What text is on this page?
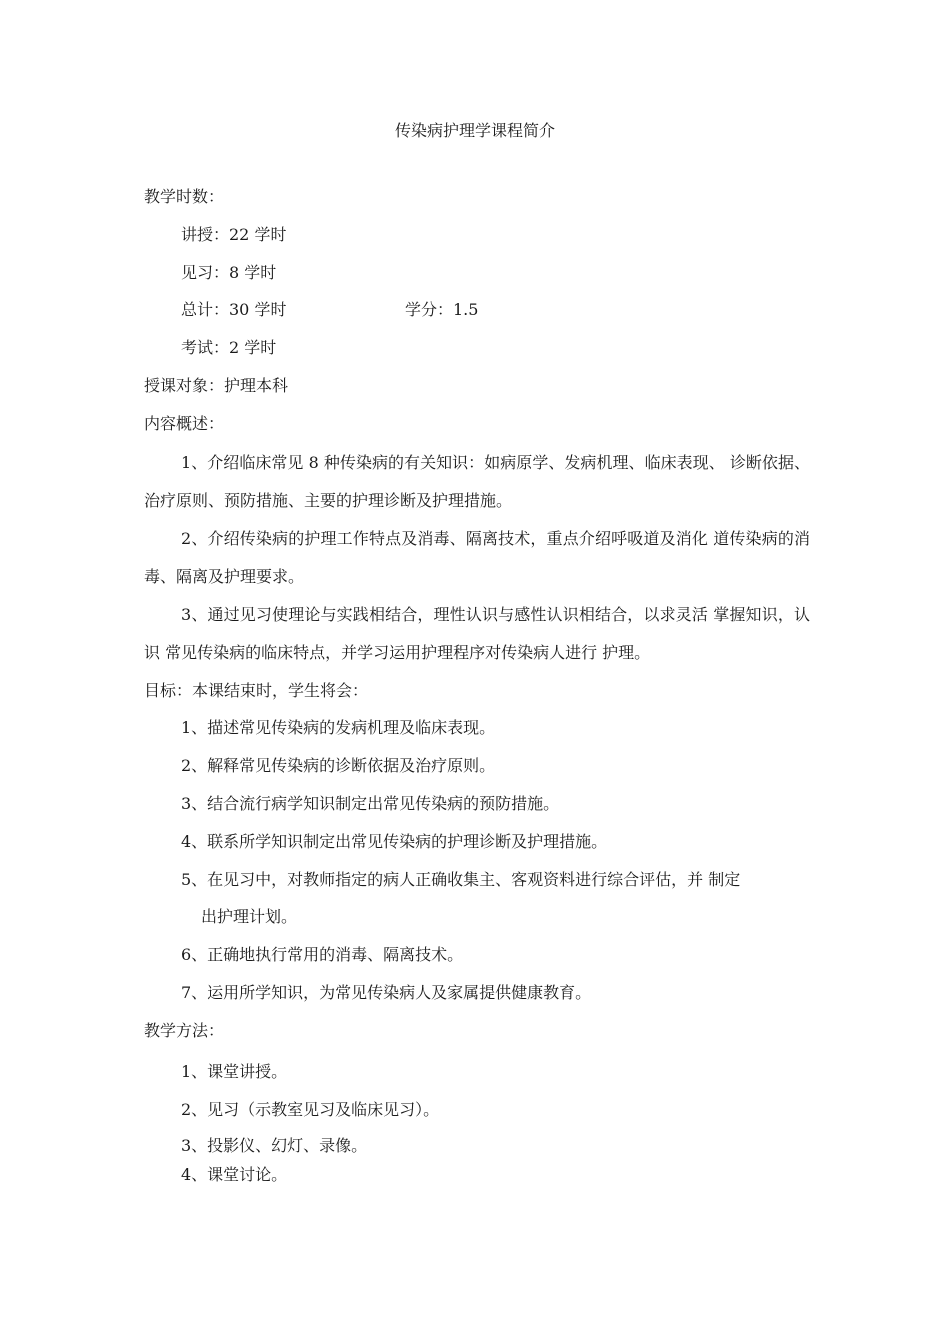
传染病护理学课程简介
教学时数：
讲授：22 学时
见习：8 学时
总计：30 学时	学分：1.5
考试：2 学时
授课对象：护理本科
内容概述：
1、介绍临床常见 8 种传染病的有关知识：如病原学、发病机理、临床表现、 诊断依据、治疗原则、预防措施、主要的护理诊断及护理措施。
2、介绍传染病的护理工作特点及消毒、隔离技术，重点介绍呼吸道及消化 道传染病的消毒、隔离及护理要求。
3、通过见习使理论与实践相结合，理性认识与感性认识相结合，以求灵活 掌握知识，认识 常见传染病的临床特点，并学习运用护理程序对传染病人进行 护理。
目标：本课结束时，学生将会：
1、描述常见传染病的发病机理及临床表现。
2、解释常见传染病的诊断依据及治疗原则。
3、结合流行病学知识制定出常见传染病的预防措施。
4、联系所学知识制定出常见传染病的护理诊断及护理措施。
5、在见习中，对教师指定的病人正确收集主、客观资料进行综合评估，并 制定
出护理计划。
6、正确地执行常用的消毒、隔离技术。
7、运用所学知识，为常见传染病人及家属提供健康教育。
教学方法：
1、课堂讲授。
2、见习（示教室见习及临床见习）。
3、投影仪、幻灯、录像。
4、课堂讨论。
